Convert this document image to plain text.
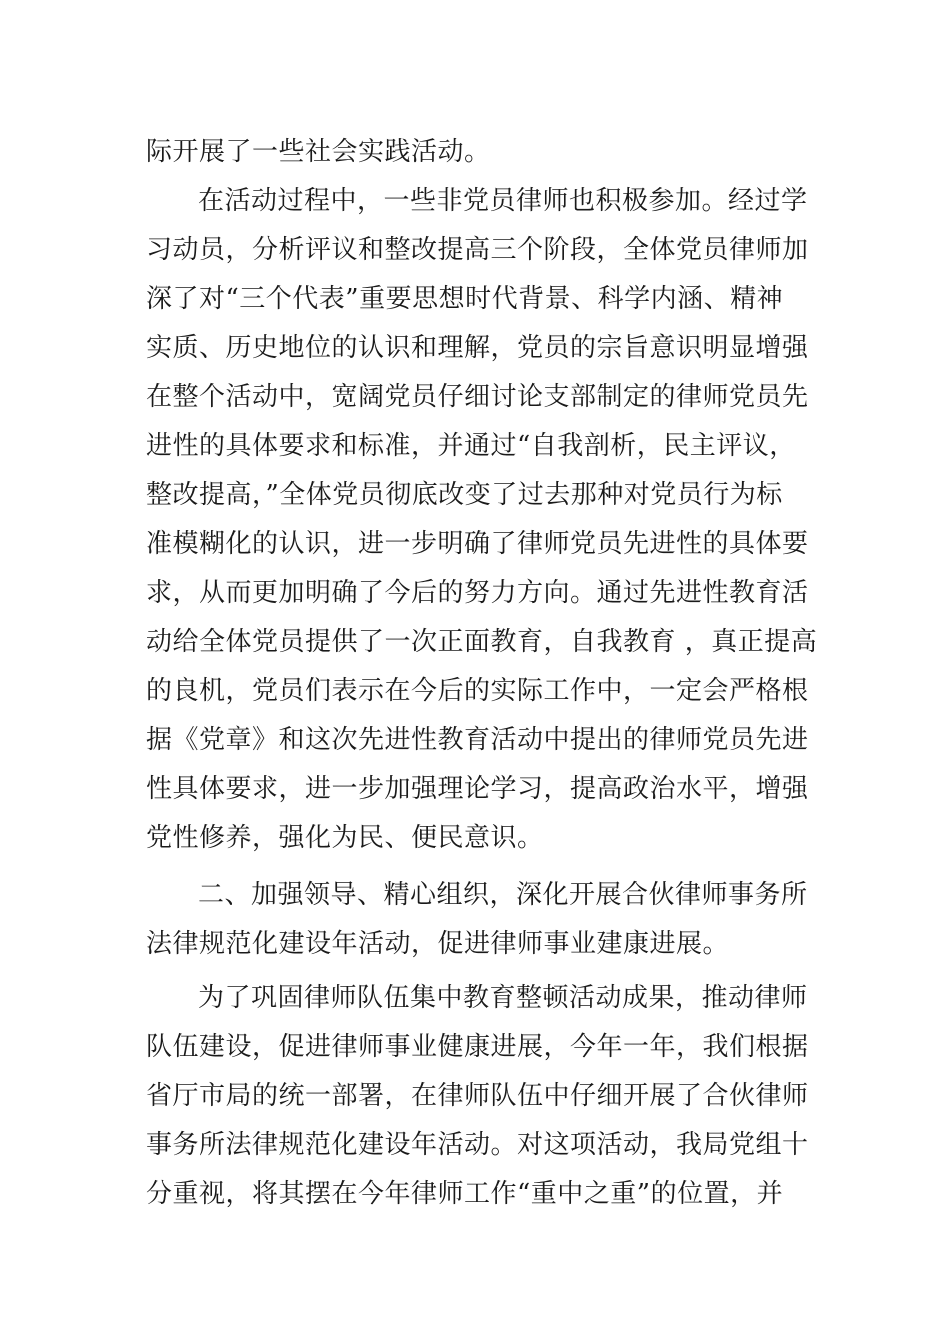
际开展了一些社会实践活动。

在活动过程中，一些非党员律师也积极参加。经过学

习动员，分析评议和整改提高三个阶段，全体党员律师加

深了对“三个代表”重要思想时代背景、科学内涵、精神

实质、历史地位的认识和理解，党员的宗旨意识明显增强

在整个活动中，宽阔党员仔细讨论支部制定的律师党员先

进性的具体要求和标准，并通过“自我剖析，民主评议，

整改提高，”全体党员彻底改变了过去那种对党员行为标

准模糊化的认识，进一步明确了律师党员先进性的具体要

求，从而更加明确了今后的努力方向。通过先进性教育活

动给全体党员提供了一次正面教育，自我教育 ，真正提高

的良机，党员们表示在今后的实际工作中，一定会严格根

据《党章》和这次先进性教育活动中提出的律师党员先进

性具体要求，进一步加强理论学习，提高政治水平，增强

党性修养，强化为民、便民意识。

二、加强领导、精心组织，深化开展合伙律师事务所

法律规范化建设年活动，促进律师事业建康进展。

为了巩固律师队伍集中教育整顿活动成果，推动律师

队伍建设，促进律师事业健康进展，今年一年，我们根据

省厅市局的统一部署，在律师队伍中仔细开展了合伙律师

事务所法律规范化建设年活动。对这项活动，我局党组十

分重视，将其摆在今年律师工作“重中之重”的位置，并
